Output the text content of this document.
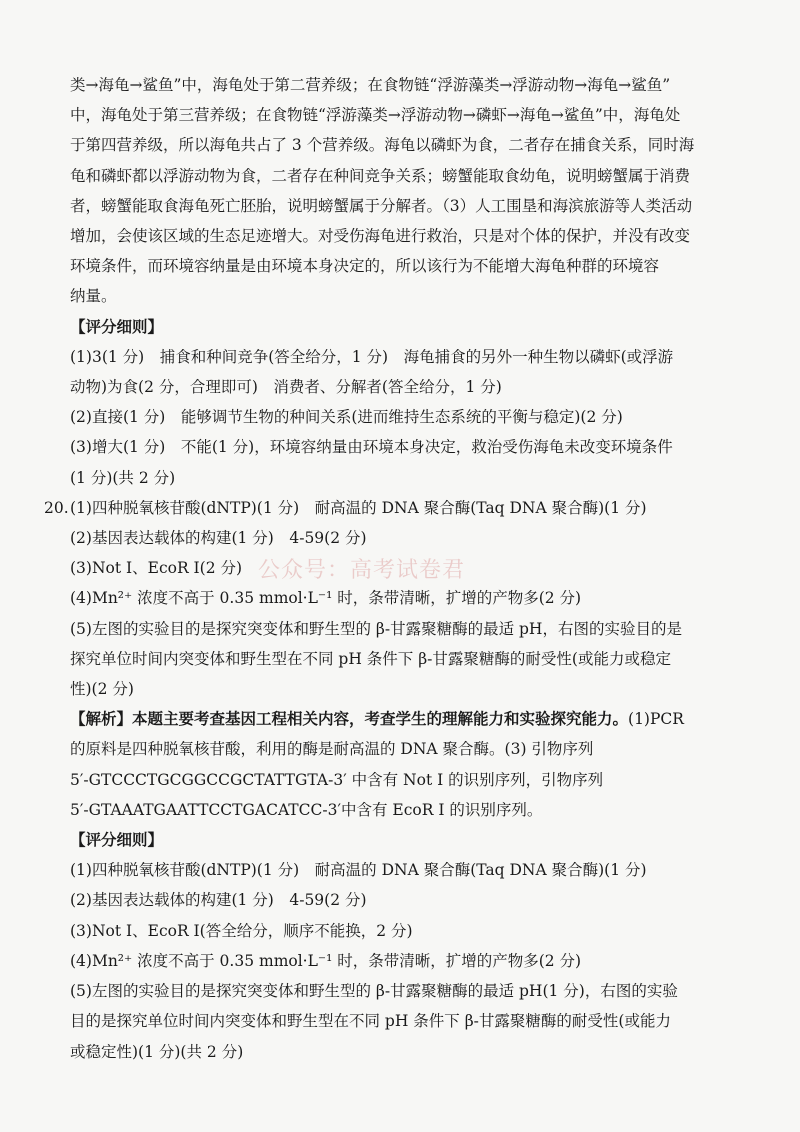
公众号：高考试卷君

类→海龟→鲨鱼”中，海龟处于第二营养级；在食物链“浮游藻类→浮游动物→海龟→鲨鱼”

中，海龟处于第三营养级；在食物链“浮游藻类→浮游动物→磷虾→海龟→鲨鱼”中，海龟处

于第四营养级，所以海龟共占了 3 个营养级。海龟以磷虾为食，二者存在捕食关系，同时海

龟和磷虾都以浮游动物为食，二者存在种间竞争关系；螃蟹能取食幼龟，说明螃蟹属于消费

者，螃蟹能取食海龟死亡胚胎，说明螃蟹属于分解者。（3）人工围垦和海滨旅游等人类活动

增加，会使该区域的生态足迹增大。对受伤海龟进行救治，只是对个体的保护，并没有改变

环境条件，而环境容纳量是由环境本身决定的，所以该行为不能增大海龟种群的环境容

纳量。

【评分细则】

(1)3(1 分)　捕食和种间竞争(答全给分，1 分)　海龟捕食的另外一种生物以磷虾(或浮游

动物)为食(2 分，合理即可)　消费者、分解者(答全给分，1 分)

(2)直接(1 分)　能够调节生物的种间关系(进而维持生态系统的平衡与稳定)(2 分)

(3)增大(1 分)　不能(1 分)，环境容纳量由环境本身决定，救治受伤海龟未改变环境条件

(1 分)(共 2 分)

20. (1)四种脱氧核苷酸(dNTP)(1 分)　耐高温的 DNA 聚合酶(Taq DNA 聚合酶)(1 分)

(2)基因表达载体的构建(1 分)　4-59(2 分)

(3)Not Ⅰ、EcoR Ⅰ(2 分)

(4)Mn²⁺ 浓度不高于 0.35 mmol·L⁻¹ 时，条带清晰，扩增的产物多(2 分)

(5)左图的实验目的是探究突变体和野生型的 β-甘露聚糖酶的最适 pH，右图的实验目的是

探究单位时间内突变体和野生型在不同 pH 条件下 β-甘露聚糖酶的耐受性(或能力或稳定

性)(2 分)

【解析】本题主要考查基因工程相关内容，考查学生的理解能力和实验探究能力。(1)PCR

的原料是四种脱氧核苷酸，利用的酶是耐高温的 DNA 聚合酶。(3) 引物序列

5′-GTCCCTGCGGCCGCTATTGTA-3′ 中含有 Not Ⅰ 的识别序列，引物序列

5′-GTAAATGAATTCCTGACATCC-3′中含有 EcoR Ⅰ 的识别序列。

【评分细则】

(1)四种脱氧核苷酸(dNTP)(1 分)　耐高温的 DNA 聚合酶(Taq DNA 聚合酶)(1 分)

(2)基因表达载体的构建(1 分)　4-59(2 分)

(3)Not Ⅰ、EcoR Ⅰ(答全给分，顺序不能换，2 分)

(4)Mn²⁺ 浓度不高于 0.35 mmol·L⁻¹ 时，条带清晰，扩增的产物多(2 分)

(5)左图的实验目的是探究突变体和野生型的 β-甘露聚糖酶的最适 pH(1 分)，右图的实验

目的是探究单位时间内突变体和野生型在不同 pH 条件下 β-甘露聚糖酶的耐受性(或能力

或稳定性)(1 分)(共 2 分)
